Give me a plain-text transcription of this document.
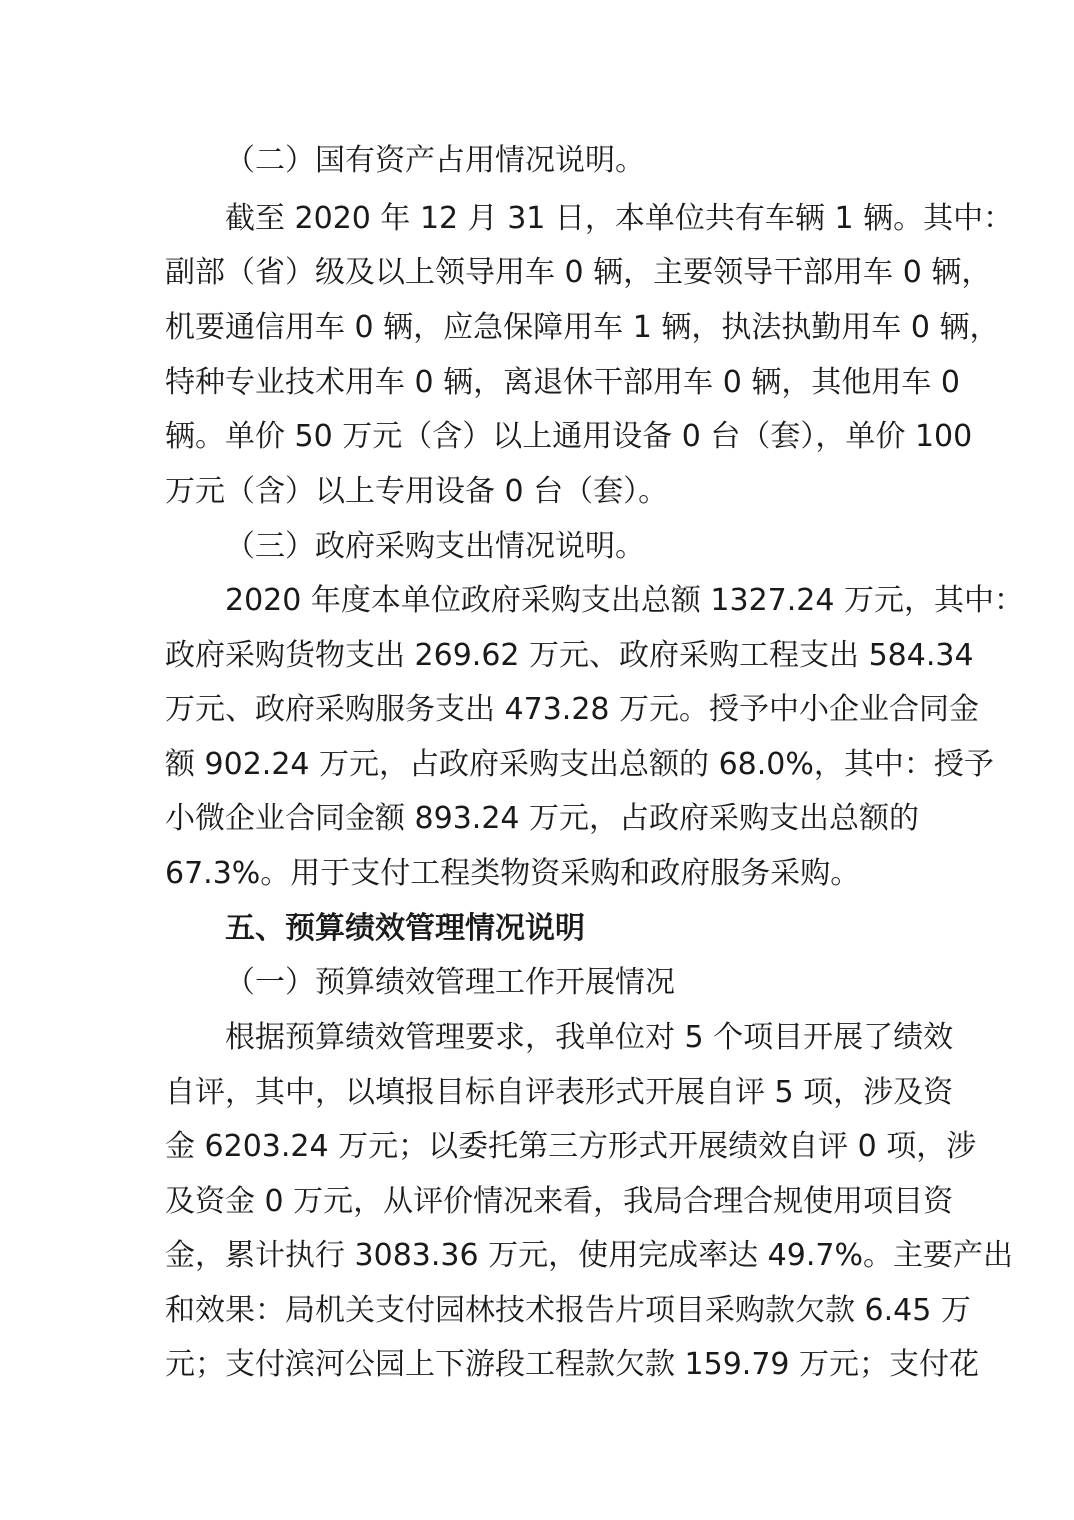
（二）国有资产占用情况说明。
截至 2020 年 12 月 31 日，本单位共有车辆 1 辆。其中：
副部（省）级及以上领导用车 0 辆，主要领导干部用车 0 辆，
机要通信用车 0 辆，应急保障用车 1 辆，执法执勤用车 0 辆，
特种专业技术用车 0 辆，离退休干部用车 0 辆，其他用车 0
辆。单价 50 万元（含）以上通用设备 0 台（套），单价 100
万元（含）以上专用设备 0 台（套）。
（三）政府采购支出情况说明。
2020 年度本单位政府采购支出总额 1327.24 万元，其中：
政府采购货物支出 269.62 万元、政府采购工程支出 584.34
万元、政府采购服务支出 473.28 万元。授予中小企业合同金
额 902.24 万元，占政府采购支出总额的 68.0%，其中：授予
小微企业合同金额 893.24 万元，占政府采购支出总额的
67.3%。用于支付工程类物资采购和政府服务采购。
五、预算绩效管理情况说明
（一）预算绩效管理工作开展情况
根据预算绩效管理要求，我单位对 5 个项目开展了绩效
自评，其中，以填报目标自评表形式开展自评 5 项，涉及资
金 6203.24 万元；以委托第三方形式开展绩效自评 0 项，涉
及资金 0 万元，从评价情况来看，我局合理合规使用项目资
金，累计执行 3083.36 万元，使用完成率达 49.7%。主要产出
和效果：局机关支付园林技术报告片项目采购款欠款 6.45 万
元；支付滨河公园上下游段工程款欠款 159.79 万元；支付花
